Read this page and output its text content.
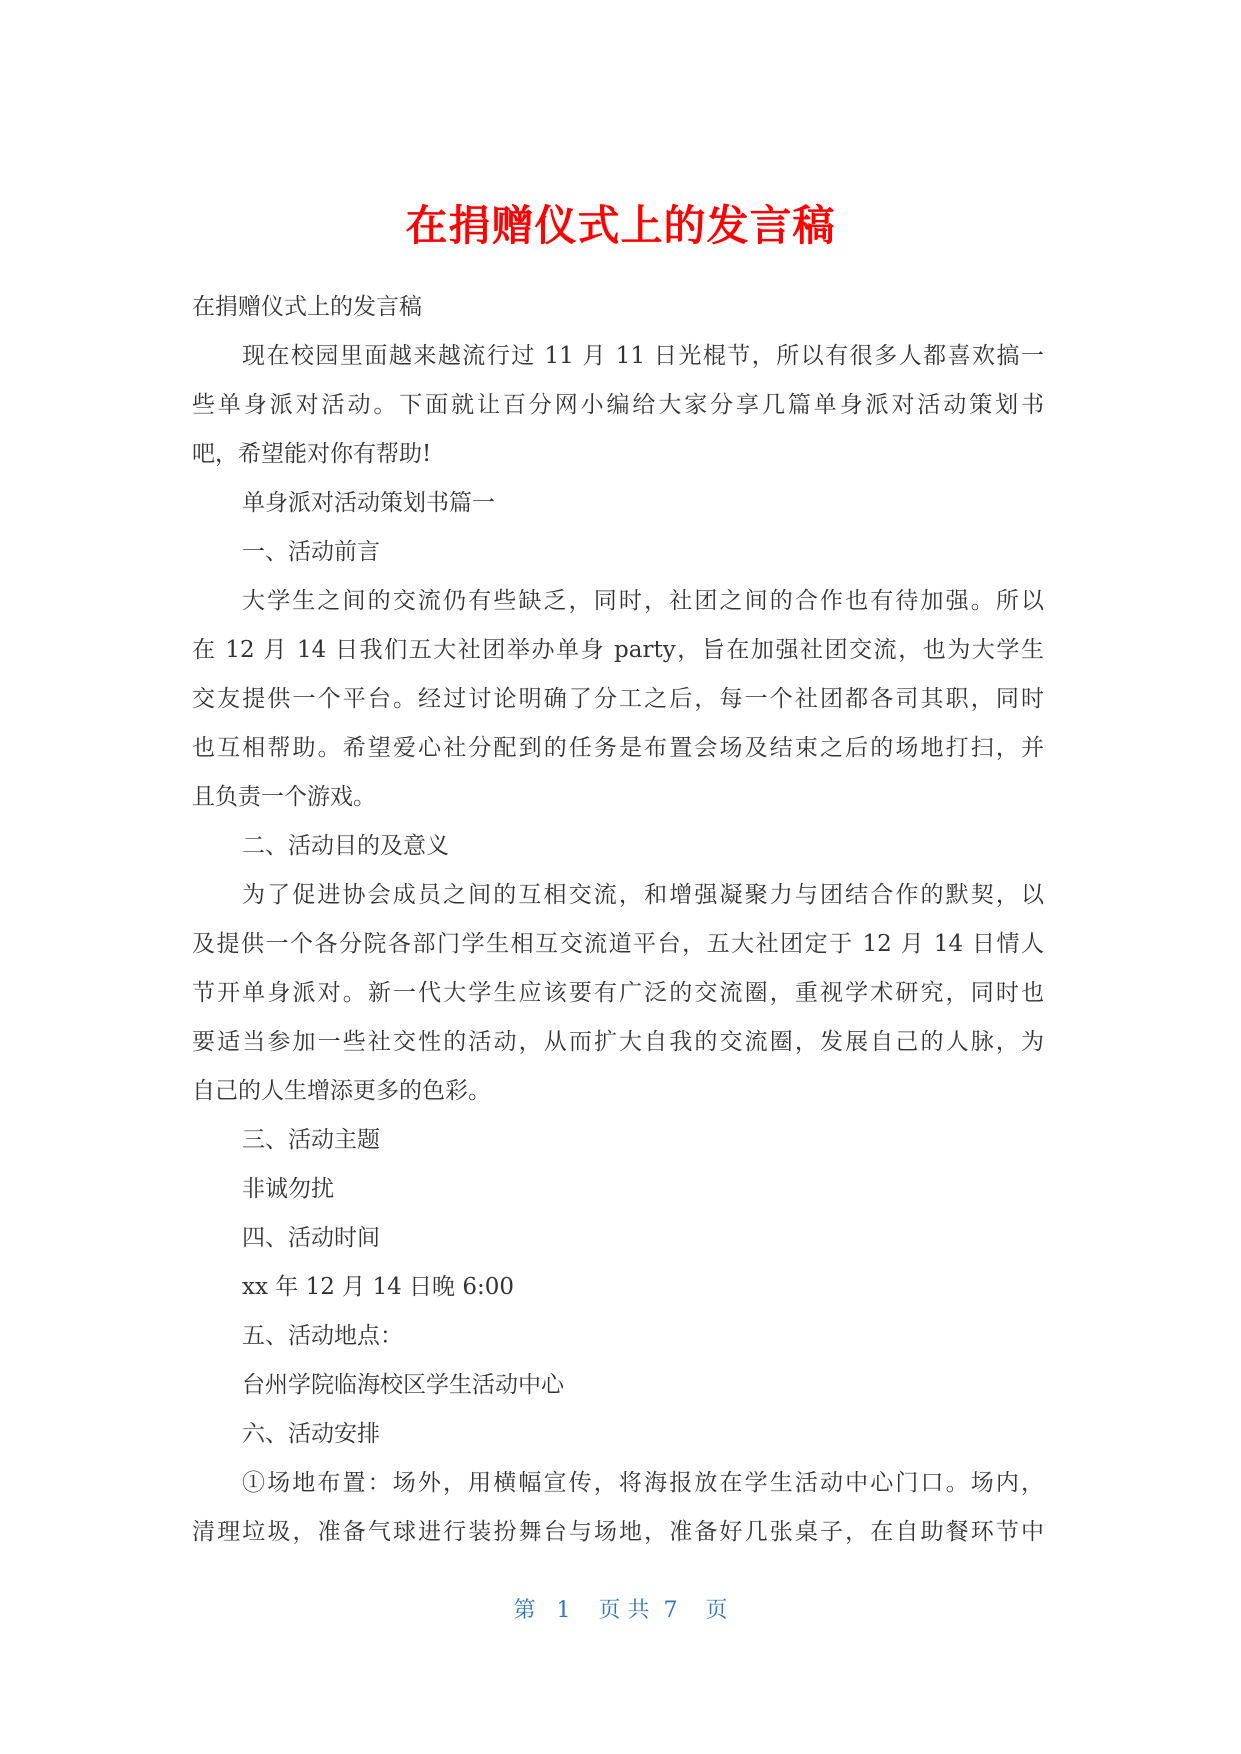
在捐赠仪式上的发言稿
在捐赠仪式上的发言稿
现在校园里面越来越流行过 11 月 11 日光棍节，所以有很多人都喜欢搞一
些单身派对活动。下面就让百分网小编给大家分享几篇单身派对活动策划书
吧，希望能对你有帮助!
单身派对活动策划书篇一
一、活动前言
大学生之间的交流仍有些缺乏，同时，社团之间的合作也有待加强。所以
在 12 月 14 日我们五大社团举办单身 party，旨在加强社团交流，也为大学生
交友提供一个平台。经过讨论明确了分工之后，每一个社团都各司其职，同时
也互相帮助。希望爱心社分配到的任务是布置会场及结束之后的场地打扫，并
且负责一个游戏。
二、活动目的及意义
为了促进协会成员之间的互相交流，和增强凝聚力与团结合作的默契，以
及提供一个各分院各部门学生相互交流道平台，五大社团定于 12 月 14 日情人
节开单身派对。新一代大学生应该要有广泛的交流圈，重视学术研究，同时也
要适当参加一些社交性的活动，从而扩大自我的交流圈，发展自己的人脉，为
自己的人生增添更多的色彩。
三、活动主题
非诚勿扰
四、活动时间
xx 年 12 月 14 日晚 6:00
五、活动地点：
台州学院临海校区学生活动中心
六、活动安排
①场地布置：场外，用横幅宣传，将海报放在学生活动中心门口。场内，
清理垃圾，准备气球进行装扮舞台与场地，准备好几张桌子，在自助餐环节中
第   1    页 共  7    页
